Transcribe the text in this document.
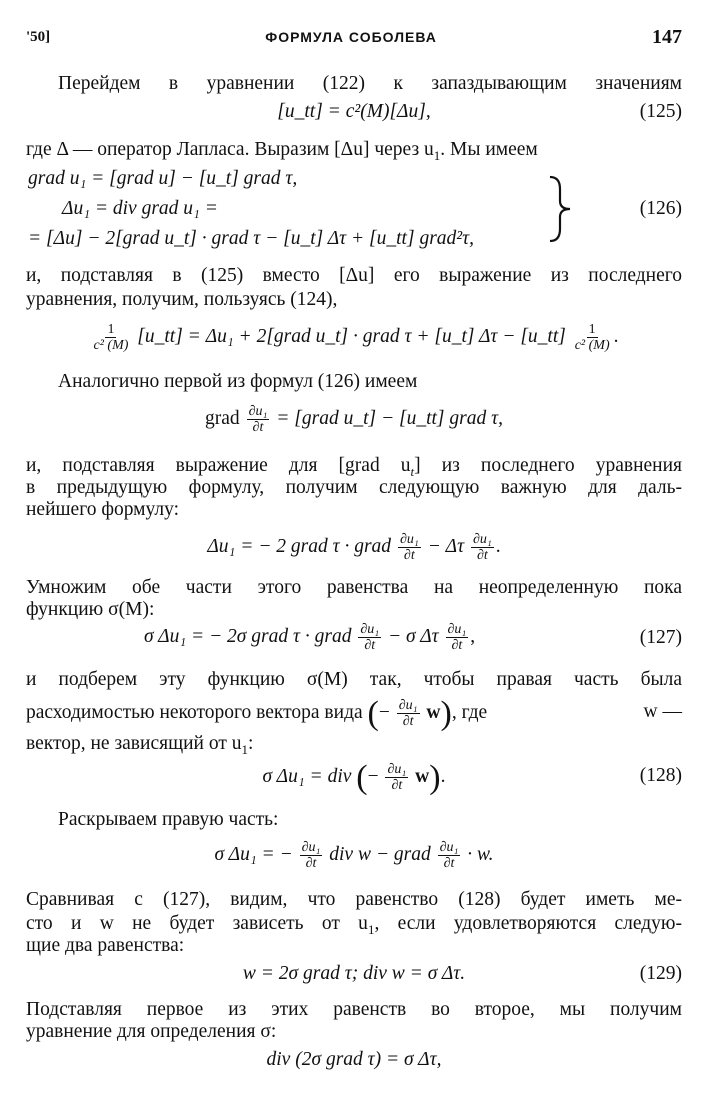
'50]	ФОРМУЛА СОБОЛЕВА	147
Перейдем в уравнении (122) к запаздывающим значениям
[u_tt] = c²(M)[Δu],	(125)
где Δ — оператор Лапласа. Выразим [Δu] через $u_1$. Мы имеем
grad u₁ = [grad u] − [u_t] grad τ,
Δu₁ = div grad u₁ =
= [Δu] − 2[grad u_t] · grad τ − [u_t] Δτ + [u_tt] grad²τ,
(126)
и, подставляя в (125) вместо [Δu] его выражение из последнего
уравнения, получим, пользуясь (124),
$\frac{1}{\text{c² (M)}}$ [u_tt] = Δu₁ + 2[grad u_t] · grad τ + [u_t] Δτ − [u_tt] $\frac{1}{\text{c² (M)}}$ .
Аналогично первой из формул (126) имеем
grad $\frac{\text{∂u₁}}{\partial t}$ = [grad u_t] − [u_tt] grad τ,
и, подставляя выражение для [grad $u_t$] из последнего уравнения
в предыдущую формулу, получим следующую важную для даль-
нейшего формулу:
Δu₁ = − 2 grad τ · grad $\frac{\text{∂u₁}}{\partial t} - \Delta\tau \frac{\text{∂u₁}}{\partial t}$ .
Умножим обе части этого равенства на неопределенную пока
функцию σ(M):
σ Δu₁ = − 2σ grad τ · grad $\frac{\text{∂u₁}}{\partial t} - \sigma$ Δτ $\frac{\text{∂u₁}}{\partial t}$ ,	(127)
и подберем эту функцию σ(M) так, чтобы правая часть была
расходимостью некоторого вектора вида (− $\frac{\text{∂u₁}}{\partial t} w$), где	w —
вектор, не зависящий от $u_1$:
σ Δu₁ = div (− $\frac{\text{∂u₁}}{\partial t} w$).	(128)
Раскрываем правую часть:
σ Δu₁ = − $\frac{\text{∂u₁}}{\partial t}$ div w − grad $\frac{\text{∂u₁}}{\partial t} \cdot w$.
Сравнивая с (127), видим, что равенство (128) будет иметь ме-
сто и w не будет зависеть от $u_1$, если удовлетворяются следую-
щие два равенства:
w = 2σ grad τ; div w = σ Δτ.	(129)
Подставляя первое из этих равенств во второе, мы получим
уравнение для определения σ:
div (2σ grad τ) = σ Δτ,
